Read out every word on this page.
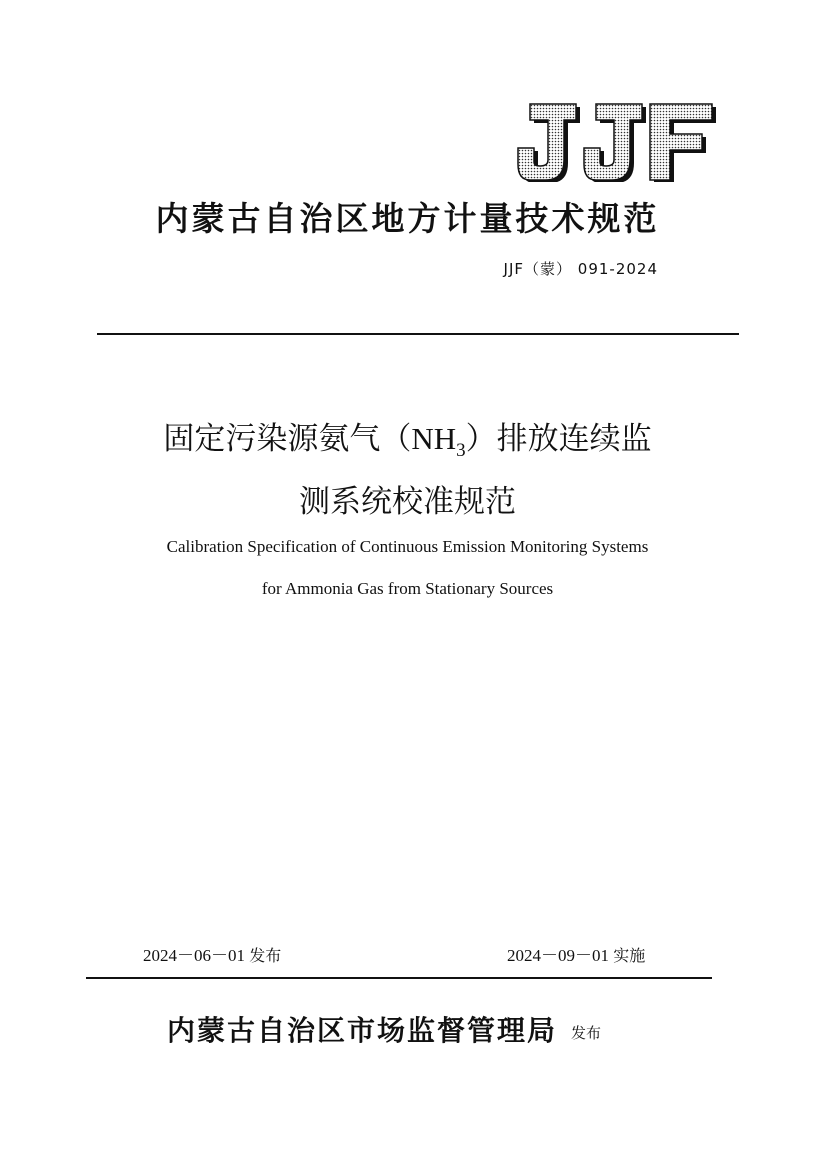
内蒙古自治区地方计量技术规范
JJF（蒙） 091-2024
固定污染源氨气$(NH_3)$排放连续监
测系统校准规范
Calibration Specification of Continuous Emission Monitoring Systems
for Ammonia Gas from Stationary Sources
2024－06－01 发布	2024－09－01 实施
内蒙古自治区市场监督管理局 发布
